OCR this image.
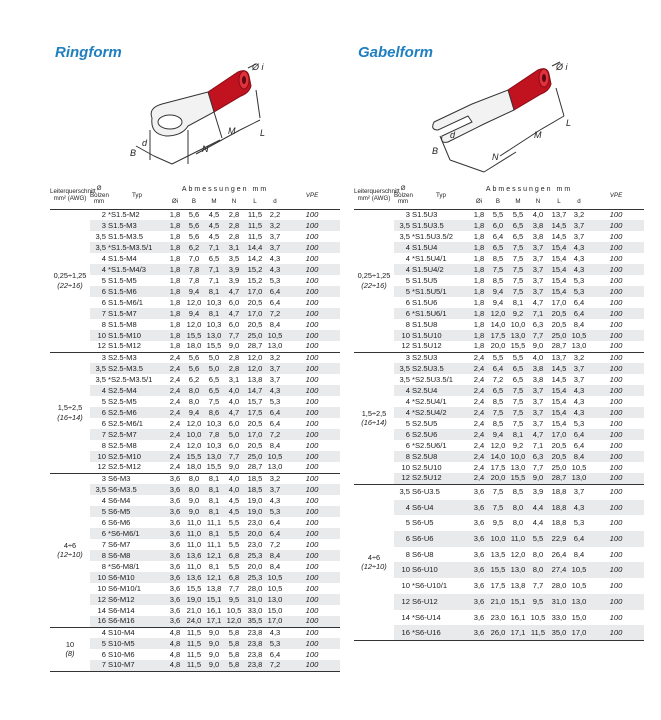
Ringform	Gabelform
Ø i
B
d
N
M	L
Ø i
B
d
N
M
L
Leiterquerschnitt mm² (AWG)	Ø Bolzen mm	Typ	Abmessungen mm						VPE
			Øi	B	M	N	L	d	

0,25÷1,25
(22÷16)	2	*S1.5-M2	1,8	5,6	4,5	2,8	11,5	2,2	100
	3	S1.5-M3	1,8	5,6	4,5	2,8	11,5	3,2	100
	3,5	S1.5-M3.5	1,8	5,6	4,5	2,8	11,5	3,7	100
	3,5	*S1.5-M3.5/1	1,8	6,2	7,1	3,1	14,4	3,7	100
	4	S1.5-M4	1,8	7,0	6,5	3,5	14,2	4,3	100
	4	*S1.5-M4/3	1,8	7,8	7,1	3,9	15,2	4,3	100
	5	S1.5-M5	1,8	7,8	7,1	3,9	15,2	5,3	100
	6	S1.5-M6	1,8	9,4	8,1	4,7	17,0	6,4	100
	6	S1.5-M6/1	1,8	12,0	10,3	6,0	20,5	6,4	100
	7	S1.5-M7	1,8	9,4	8,1	4,7	17,0	7,2	100
	8	S1.5-M8	1,8	12,0	10,3	6,0	20,5	8,4	100
	10	S1.5-M10	1,8	15,5	13,0	7,7	25,0	10,5	100
	12	S1.5-M12	1,8	18,0	15,5	9,0	28,7	13,0	100

1,5÷2,5
(16÷14)	3	S2.5-M3	2,4	5,6	5,0	2,8	12,0	3,2	100
	3,5	S2.5-M3.5	2,4	5,6	5,0	2,8	12,0	3,7	100
	3,5	*S2.5-M3.5/1	2,4	6,2	6,5	3,1	13,8	3,7	100
	4	S2.5-M4	2,4	8,0	6,5	4,0	14,7	4,3	100
	5	S2.5-M5	2,4	8,0	7,5	4,0	15,7	5,3	100
	6	S2.5-M6	2,4	9,4	8,6	4,7	17,5	6,4	100
	6	S2.5-M6/1	2,4	12,0	10,3	6,0	20,5	6,4	100
	7	S2.5-M7	2,4	10,0	7,8	5,0	17,0	7,2	100
	8	S2.5-M8	2,4	12,0	10,3	6,0	20,5	8,4	100
	10	S2.5-M10	2,4	15,5	13,0	7,7	25,0	10,5	100
	12	S2.5-M12	2,4	18,0	15,5	9,0	28,7	13,0	100

4÷6
(12÷10)	3	S6-M3	3,6	8,0	8,1	4,0	18,5	3,2	100
	3,5	S6-M3.5	3,6	8,0	8,1	4,0	18,5	3,7	100
	4	S6-M4	3,6	9,0	8,1	4,5	19,0	4,3	100
	5	S6-M5	3,6	9,0	8,1	4,5	19,0	5,3	100
	6	S6-M6	3,6	11,0	11,1	5,5	23,0	6,4	100
	6	*S6-M6/1	3,6	11,0	8,1	5,5	20,0	6,4	100
	7	S6-M7	3,6	11,0	11,1	5,5	23,0	7,2	100
	8	S6-M8	3,6	13,6	12,1	6,8	25,3	8,4	100
	8	*S6-M8/1	3,6	11,0	8,1	5,5	20,0	8,4	100
	10	S6-M10	3,6	13,6	12,1	6,8	25,3	10,5	100
	10	S6-M10/1	3,6	15,5	13,8	7,7	28,0	10,5	100
	12	S6-M12	3,6	19,0	15,1	9,5	31,0	13,0	100
	14	S6-M14	3,6	21,0	16,1	10,5	33,0	15,0	100
	16	S6-M16	3,6	24,0	17,1	12,0	35,5	17,0	100

10
(8)	4	S10-M4	4,8	11,5	9,0	5,8	23,8	4,3	100
	5	S10-M5	4,8	11,5	9,0	5,8	23,8	5,3	100
	6	S10-M6	4,8	11,5	9,0	5,8	23,8	6,4	100
	7	S10-M7	4,8	11,5	9,0	5,8	23,8	7,2	100
Leiterquerschnitt mm² (AWG)	Ø Bolzen mm	Typ	Abmessungen mm						VPE
			Øi	B	M	N	L	d	

0,25÷1,25
(22÷16)	3	S1.5U3	1,8	5,5	5,5	4,0	13,7	3,2	100
	3,5	S1.5U3.5	1,8	6,0	6,5	3,8	14,5	3,7	100
	3,5	*S1.5U3.5/2	1,8	6,4	6,5	3,8	14,5	3,7	100
	4	S1.5U4	1,8	6,5	7,5	3,7	15,4	4,3	100
	4	*S1.5U4/1	1,8	8,5	7,5	3,7	15,4	4,3	100
	4	S1.5U4/2	1,8	7,5	7,5	3,7	15,4	4,3	100
	5	S1.5U5	1,8	8,5	7,5	3,7	15,4	5,3	100
	5	*S1.5U5/1	1,8	9,4	7,5	3,7	15,4	5,3	100
	6	S1.5U6	1,8	9,4	8,1	4,7	17,0	6,4	100
	6	*S1.5U6/1	1,8	12,0	9,2	7,1	20,5	6,4	100
	8	S1.5U8	1,8	14,0	10,0	6,3	20,5	8,4	100
	10	S1.5U10	1,8	17,5	13,0	7,7	25,0	10,5	100
	12	S1.5U12	1,8	20,0	15,5	9,0	28,7	13,0	100

1,5÷2,5
(16÷14)	3	S2.5U3	2,4	5,5	5,5	4,0	13,7	3,2	100
	3,5	S2.5U3.5	2,4	6,4	6,5	3,8	14,5	3,7	100
	3,5	*S2.5U3.5/1	2,4	7,2	6,5	3,8	14,5	3,7	100
	4	S2.5U4	2,4	6,5	7,5	3,7	15,4	4,3	100
	4	*S2.5U4/1	2,4	8,5	7,5	3,7	15,4	4,3	100
	4	*S2.5U4/2	2,4	7,5	7,5	3,7	15,4	4,3	100
	5	S2.5U5	2,4	8,5	7,5	3,7	15,4	5,3	100
	6	S2.5U6	2,4	9,4	8,1	4,7	17,0	6,4	100
	6	*S2.5U6/1	2,4	12,0	9,2	7,1	20,5	6,4	100
	8	S2.5U8	2,4	14,0	10,0	6,3	20,5	8,4	100
	10	S2.5U10	2,4	17,5	13,0	7,7	25,0	10,5	100
	12	S2.5U12	2,4	20,0	15,5	9,0	28,7	13,0	100

4÷6
(12÷10)	3,5	S6-U3.5	3,6	7,5	8,5	3,9	18,8	3,7	100
	4	S6-U4	3,6	7,5	8,0	4,4	18,8	4,3	100
	5	S6-U5	3,6	9,5	8,0	4,4	18,8	5,3	100
	6	S6-U6	3,6	10,0	11,0	5,5	22,9	6,4	100
	8	S6-U8	3,6	13,5	12,0	8,0	26,4	8,4	100
	10	S6-U10	3,6	15,5	13,0	8,0	27,4	10,5	100
	10	*S6-U10/1	3,6	17,5	13,8	7,7	28,0	10,5	100
	12	S6-U12	3,6	21,0	15,1	9,5	31,0	13,0	100
	14	*S6-U14	3,6	23,0	16,1	10,5	33,0	15,0	100
	16	*S6-U16	3,6	26,0	17,1	11,5	35,0	17,0	100
